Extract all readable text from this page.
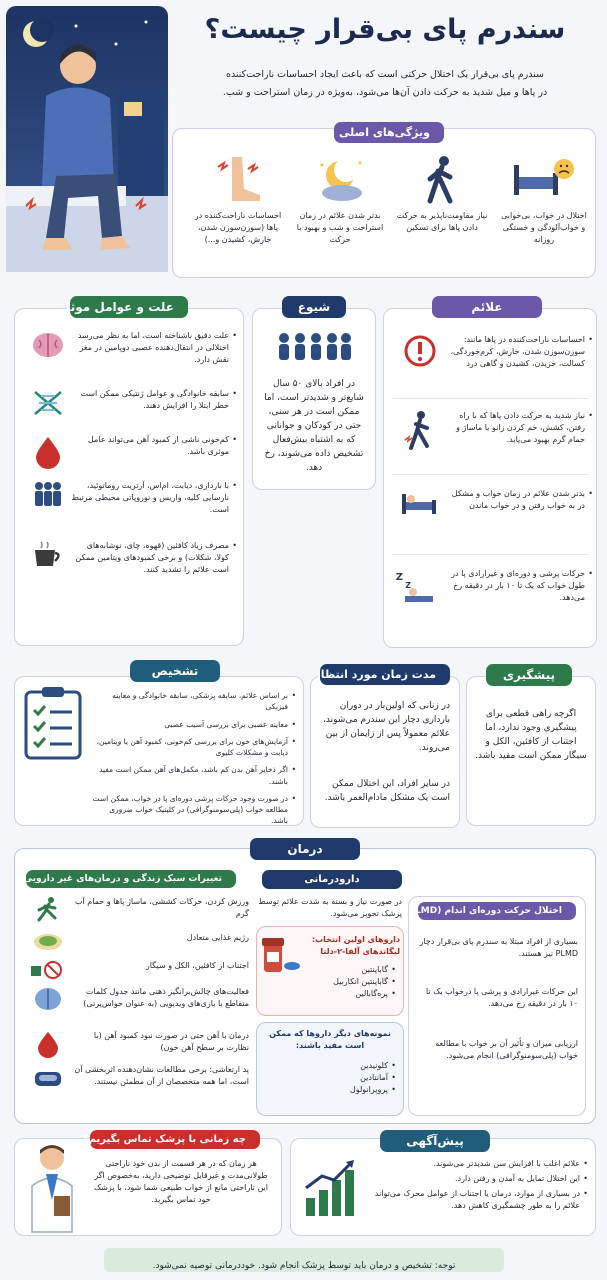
سندرم پای بی‌قرار چیست؟
سندرم پای بی‌قرار یک اختلال حرکتی است که باعث ایجاد احساسات ناراحت‌کننده
در پاها و میل شدید به حرکت دادن آن‌ها می‌شود، به‌ویژه در زمان استراحت و شب.
ویژگی‌های اصلی
اختلال در خواب، بی‌خوابی و خواب‌آلودگی و خستگی روزانه
نیاز مقاومت‌ناپذیر به حرکت دادن پاها برای تسکین
بدتر شدن علائم در زمان استراحت و شب و بهبود با حرکت
احساسات ناراحت‌کننده در پاها (سوزن‌سوزن شدن، خارش، کشیدن و...)
علائم
• احساسات ناراحت‌کننده در پاها مانند: سوزن‌سوزن شدن، خارش، کرم‌خوردگی، کسالت، خزیدن، کشیدن و گاهی درد
• نیاز شدید به حرکت دادن پاها که با راه رفتن، کشش، خم کردن زانو یا ماساژ و حمام گرم بهبود می‌یابد.
• بدتر شدن علائم در زمان خواب و مشکل در به خواب رفتن و در خواب ماندن
• حرکات پرشی و دوره‌ای و غیرارادی پا در طول خواب که یک تا ۱۰ بار در دقیقه رخ می‌دهد.
Z
Z
شیوع
در افراد بالای ۵۰ سال شایع‌تر و شدیدتر است، اما ممکن است در هر سنی، حتی در کودکان و جوانانی که به اشتباه بیش‌فعال تشخیص داده می‌شوند، رخ دهد.
علت و عوامل موثر
• علت دقیق ناشناخته است، اما به نظر می‌رسد اختلالی در انتقال‌دهنده عصبی دوپامین در مغز نقش دارد.
• سابقه خانوادگی و عوامل ژنتیکی ممکن است خطر ابتلا را افزایش دهند.
• کم‌خونی ناشی از کمبود آهن می‌تواند عامل موثری باشد.
• با بارداری، دیابت، ام‌اس، آرتریت روماتوئید، نارسایی کلیه، واریس و نوروپاتی محیطی مرتبط است.
• مصرف زیاد کافئین (قهوه، چای، نوشابه‌های کولا، شکلات) و برخی کمبودهای ویتامین ممکن است علائم را تشدید کنند.
پیشگیری
اگرچه راهی قطعی برای پیشگیری وجود ندارد، اما اجتناب از کافئین، الکل و سیگار ممکن است مفید باشد.
مدت زمان مورد انتظار
در زنانی که اولین‌بار در دوران بارداری دچار این سندرم می‌شوند، علائم معمولاً پس از زایمان از بین می‌روند.
در سایر افراد، این اختلال ممکن است یک مشکل مادام‌العمر باشد.
تشخیص
• بر اساس علائم، سابقه پزشکی، سابقه خانوادگی و معاینه فیزیکی
• معاینه عصبی برای بررسی آسیب عصبی
• آزمایش‌های خون برای بررسی کم‌خونی، کمبود آهن یا ویتامین، دیابت و مشکلات کلیوی
• اگر ذخایر آهن بدن کم باشد، مکمل‌های آهن ممکن است مفید باشند.
• در صورت وجود حرکات پرشی دوره‌ای پا در خواب، ممکن است مطالعه خواب (پلی‌سومنوگرافی) در کلینیک خواب ضروری باشد.
درمان
اختلال حرکت دوره‌ای اندام (PLMD)
بسیاری از افراد مبتلا به سندرم پای بی‌قرار دچار PLMD نیز هستند.
این حرکات غیرارادی و پرشی پا درخواب یک تا ۱۰ بار در دقیقه رخ می‌دهد.
ارزیابی میزان و تأثیر آن بر خواب با مطالعه خواب (پلی‌سومنوگرافی) انجام می‌شود.
دارودرمانی
در صورت نیاز و بسته به شدت علائم توسط پزشک تجویز می‌شود.
داروهای اولین انتخاب: لیگاندهای آلفا-۲-دلتا
• گاباپنتین
• گاباپنتین انکاربیل
• پره‌گابالین
نمونه‌های دیگر داروها که ممکن است مفید باشند:
• کلونیدین
• آمانتادین
• پروپرانولول
تغییرات سبک زندگی و درمان‌های غیر دارویی
ورزش کردن، حرکات کششی، ماساژ پاها و حمام آب گرم
رژیم غذایی متعادل
اجتناب از کافئین، الکل و سیگار
فعالیت‌های چالش‌برانگیز ذهنی مانند جدول کلمات متقاطع یا بازی‌های ویدیویی (به عنوان حواس‌پرتی)
درمان با آهن حتی در صورت نبود کمبود آهن (با نظارت بر سطح آهن خون)
پد ارتعاشی: برخی مطالعات نشان‌دهنده اثربخشی آن است، اما همه متخصصان از آن مطمئن نیستند.
چه زمانی با پزشک تماس بگیریم؟
هر زمان که در هر قسمت از بدن خود ناراحتی طولانی‌مدت و غیرقابل توضیحی دارید، به‌خصوص اگر این ناراحتی مانع از خواب طبیعی شما شود، با پزشک خود تماس بگیرید.
پیش‌آگهی
• علائم اغلب با افزایش سن شدیدتر می‌شوند.
• این اختلال تمایل به آمدن و رفتن دارد.
• در بسیاری از موارد، درمان یا اجتناب از عوامل محرک می‌تواند علائم را به طور چشمگیری کاهش دهد.
توجه: تشخیص و درمان باید توسط پزشک انجام شود. خوددرمانی توصیه نمی‌شود.
